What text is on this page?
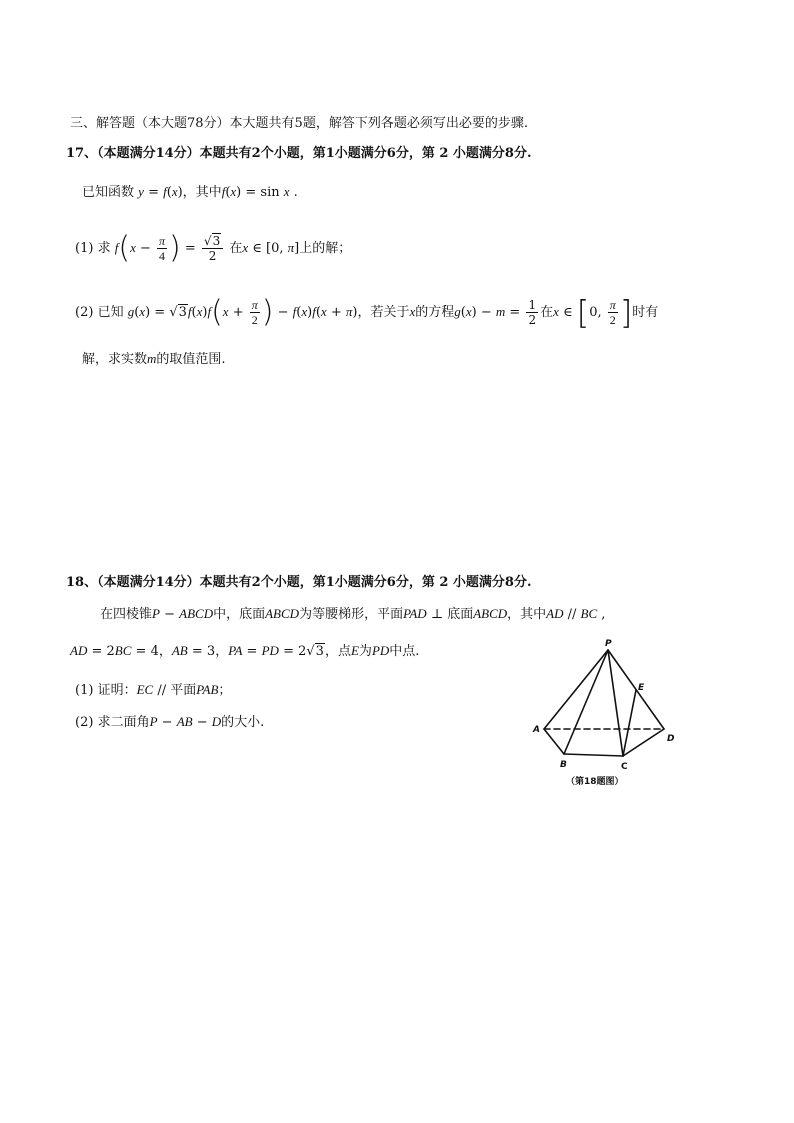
三、解答题（本大题78分）本大题共有5题，解答下列各题必须写出必要的步骤.
17、（本题满分14分）本题共有2个小题，第1小题满分6分，第 2 小题满分8分.
已知函数 y = f(x)，其中f(x) = sin x .
(1) 求 $f(x - \frac{\pi}{4}$ ) = $\frac{√3}{2}$ 在x ∈ [0, π]上的解；
(2) 已知 $g(x) = √3f(x)f(x + \frac{\pi}{2}$ ) − f(x)f(x + π)，若关于x的方程$g(x) - m = \frac{1}{2}$ 在x ∈ [0, $\frac{\pi}{2}$ ]时有
解，求实数m的取值范围.
18、（本题满分14分）本题共有2个小题，第1小题满分6分，第 2 小题满分8分.
在四棱锥P − ABCD中，底面ABCD为等腰梯形，平面PAD ⊥ 底面ABCD，其中AD // BC ,
AD = 2BC = 4，AB = 3，PA = PD = 2√3，点E为PD中点.
(1) 证明：EC // 平面PAB；
(2) 求二面角P − AB − D的大小.
P
E
A
B	C
D
（第18题图）
